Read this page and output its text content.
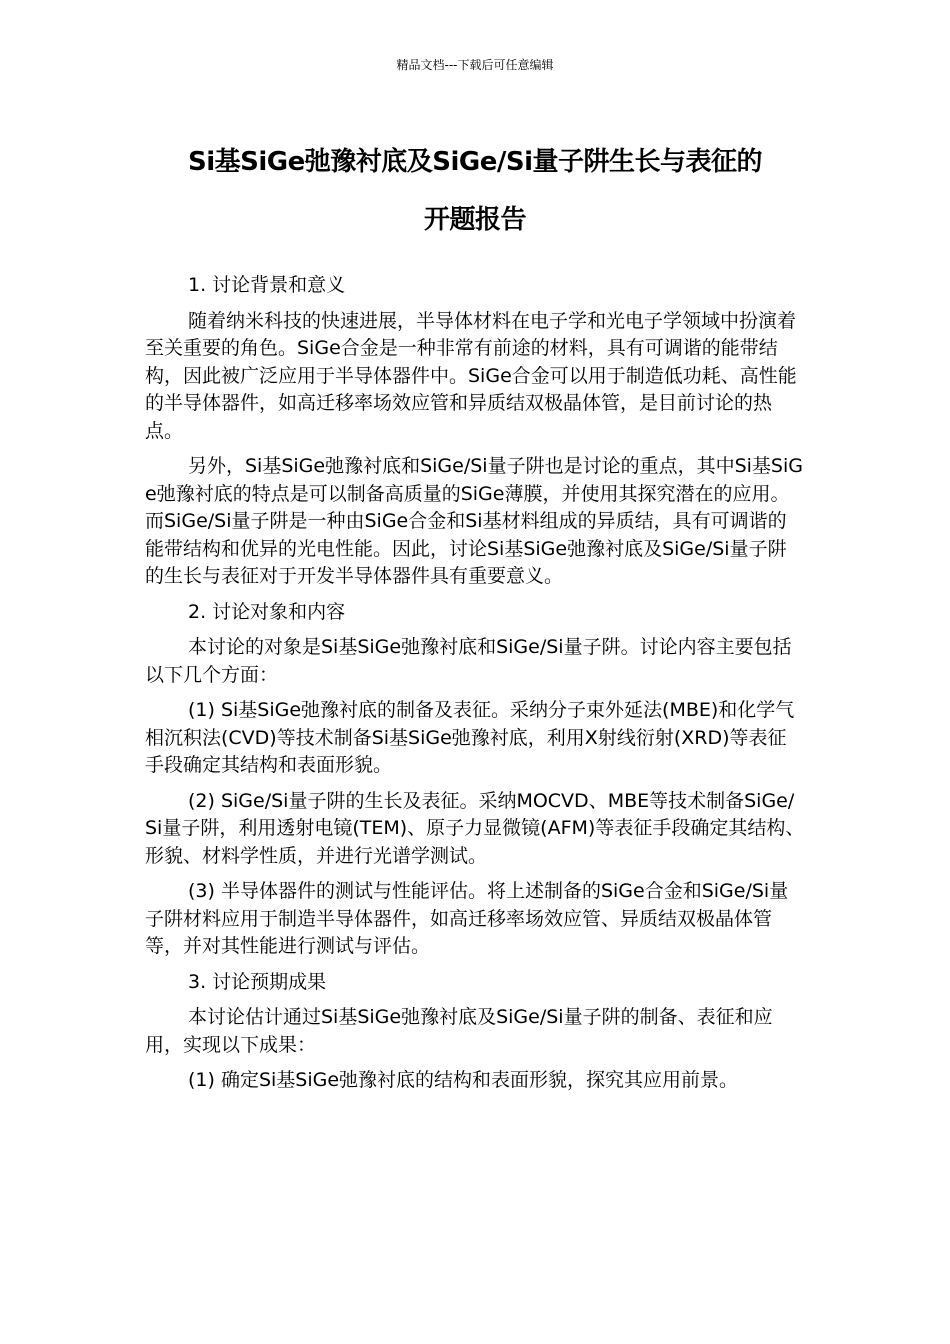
精品文档---下载后可任意编辑
Si基SiGe弛豫衬底及SiGe/Si量子阱生长与表征的
开题报告

1. 讨论背景和意义

随着纳米科技的快速进展，半导体材料在电子学和光电子学领域中扮演着至关重要的角色。SiGe合金是一种非常有前途的材料，具有可调谐的能带结构，因此被广泛应用于半导体器件中。SiGe合金可以用于制造低功耗、高性能的半导体器件，如高迁移率场效应管和异质结双极晶体管，是目前讨论的热点。

另外，Si基SiGe弛豫衬底和SiGe/Si量子阱也是讨论的重点，其中Si基SiGe弛豫衬底的特点是可以制备高质量的SiGe薄膜，并使用其探究潜在的应用。而SiGe/Si量子阱是一种由SiGe合金和Si基材料组成的异质结，具有可调谐的能带结构和优异的光电性能。因此，讨论Si基SiGe弛豫衬底及SiGe/Si量子阱的生长与表征对于开发半导体器件具有重要意义。

2. 讨论对象和内容

本讨论的对象是Si基SiGe弛豫衬底和SiGe/Si量子阱。讨论内容主要包括以下几个方面：

(1) Si基SiGe弛豫衬底的制备及表征。采纳分子束外延法(MBE)和化学气相沉积法(CVD)等技术制备Si基SiGe弛豫衬底，利用X射线衍射(XRD)等表征手段确定其结构和表面形貌。

(2) SiGe/Si量子阱的生长及表征。采纳MOCVD、MBE等技术制备SiGe/Si量子阱，利用透射电镜(TEM)、原子力显微镜(AFM)等表征手段确定其结构、形貌、材料学性质，并进行光谱学测试。

(3) 半导体器件的测试与性能评估。将上述制备的SiGe合金和SiGe/Si量子阱材料应用于制造半导体器件，如高迁移率场效应管、异质结双极晶体管等，并对其性能进行测试与评估。

3. 讨论预期成果

本讨论估计通过Si基SiGe弛豫衬底及SiGe/Si量子阱的制备、表征和应用，实现以下成果：

(1) 确定Si基SiGe弛豫衬底的结构和表面形貌，探究其应用前景。
